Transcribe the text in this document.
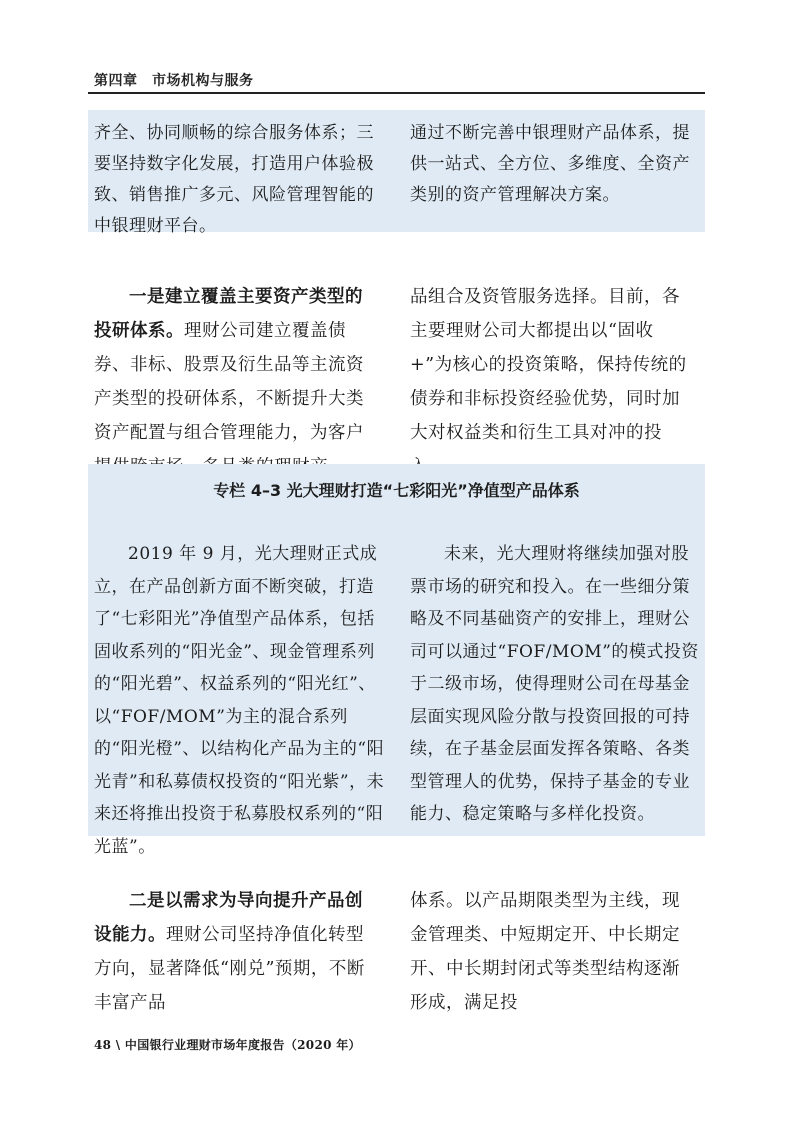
第四章　市场机构与服务

齐全、协同顺畅的综合服务体系；三要坚持数字化发展，打造用户体验极致、销售推广多元、风险管理智能的中银理财平台。

通过不断完善中银理财产品体系，提供一站式、全方位、多维度、全资产类别的资产管理解决方案。

一是建立覆盖主要资产类型的投研体系。理财公司建立覆盖债券、非标、股票及衍生品等主流资产类型的投研体系，不断提升大类资产配置与组合管理能力，为客户

品组合及资管服务选择。目前，各主要理财公司大都提出以“固收+”为核心的投资策略，保持传统的债券和非标投资经验优势，同时加大对权益类和衍生工具对冲的投

专栏 4–3 光大理财打造“七彩阳光”净值型产品体系

2019 年 9 月，光大理财正式成立，在产品创新方面不断突破，打造了“七彩阳光”净值型产品体系，包括固收系列的“阳光金”、现金管理系列的“阳光碧”、权益系列的“阳光红”、以“FOF/MOM”为主的混合系列的“阳光橙”、以结构化产品为主的“阳光青”和私募债权投资的“阳光紫”，未来还将推出投资于私募股权系列的“阳光蓝”。

未来，光大理财将继续加强对股票市场的研究和投入。在一些细分策略及不同基础资产的安排上，理财公司可以通过“FOF/MOM”的模式投资于二级市场，使得理财公司在母基金层面实现风险分散与投资回报的可持续，在子基金层面发挥各策略、各类型管理人的优势，保持子基金的专业能力、稳定策略与多样化投资。

二是以需求为导向提升产品创设能力。理财公司坚持净值化转型方向，显著降低“刚兑”预期，不断丰富产品

体系。以产品期限类型为主线，现金管理类、中短期定开、中长期定开、中长期封闭式等类型结构逐渐形成，满足投

48 \ 中国银行业理财市场年度报告（2020 年）
